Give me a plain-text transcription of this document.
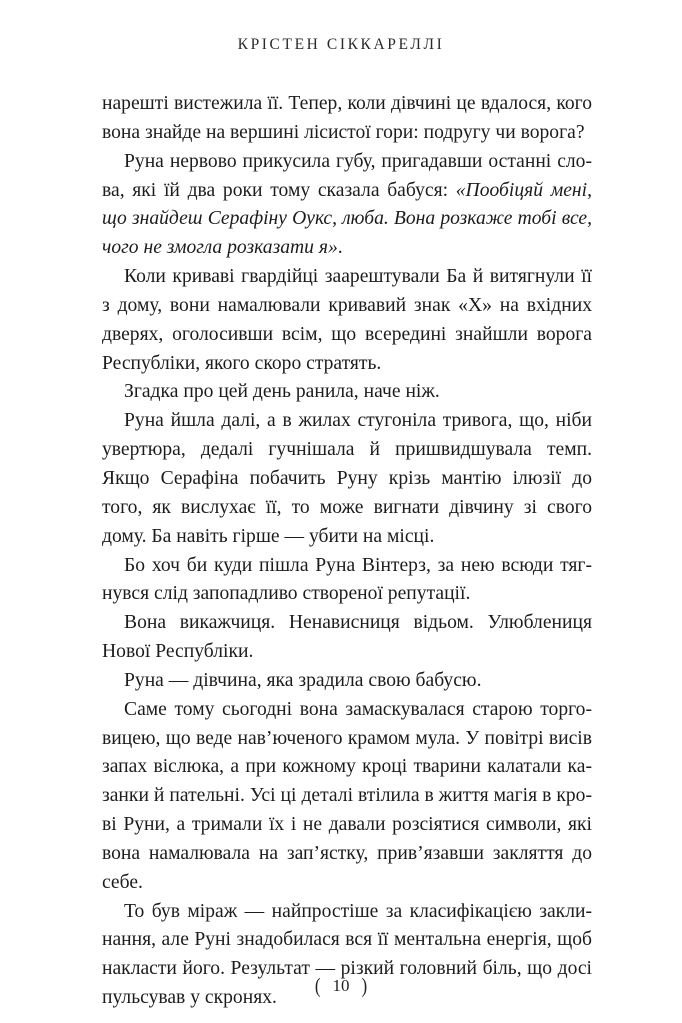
КРІСТЕН СІККАРЕЛЛІ

нарешті вистежила її. Тепер, коли дівчині це вдалося, кого вона знайде на вершині лісистої гори: подругу чи ворога?

Руна нервово прикусила губу, пригадавши останні слова, які їй два роки тому сказала бабуся: «Пообіцяй мені, що знайдеш Серафіну Оукс, люба. Вона розкаже тобі все, чого не змогла розказати я».

Коли криваві гвардійці заарештували Ба й витягнули її з дому, вони намалювали кривавий знак «Х» на вхідних дверях, оголосивши всім, що всередині знайшли ворога Республіки, якого скоро стратять.

Згадка про цей день ранила, наче ніж.

Руна йшла далі, а в жилах стугоніла тривога, що, ніби увертюра, дедалі гучнішала й пришвидшувала темп. Якщо Серафіна побачить Руну крізь мантію ілюзії до того, як вислухає її, то може вигнати дівчину зі свого дому. Ба навіть гірше — убити на місці.

Бо хоч би куди пішла Руна Вінтерз, за нею всюди тягнувся слід запопадливо створеної репутації.

Вона викажчиця. Ненависниця відьом. Улюблениця Нової Республіки.

Руна — дівчина, яка зрадила свою бабусю.

Саме тому сьогодні вона замаскувалася старою торговицею, що веде нав’юченого крамом мула. У повітрі висів запах віслюка, а при кожному кроці тварини калатали казанки й пательні. Усі ці деталі втілила в життя магія в крові Руни, а тримали їх і не давали розсіятися символи, які вона намалювала на зап’ястку, прив’язавши закляття до себе.

То був міраж — найпростіше за класифікацією заклинання, але Руні знадобилася вся її ментальна енергія, щоб накласти його. Результат — різкий головний біль, що досі пульсував у скронях.

( 10 )
